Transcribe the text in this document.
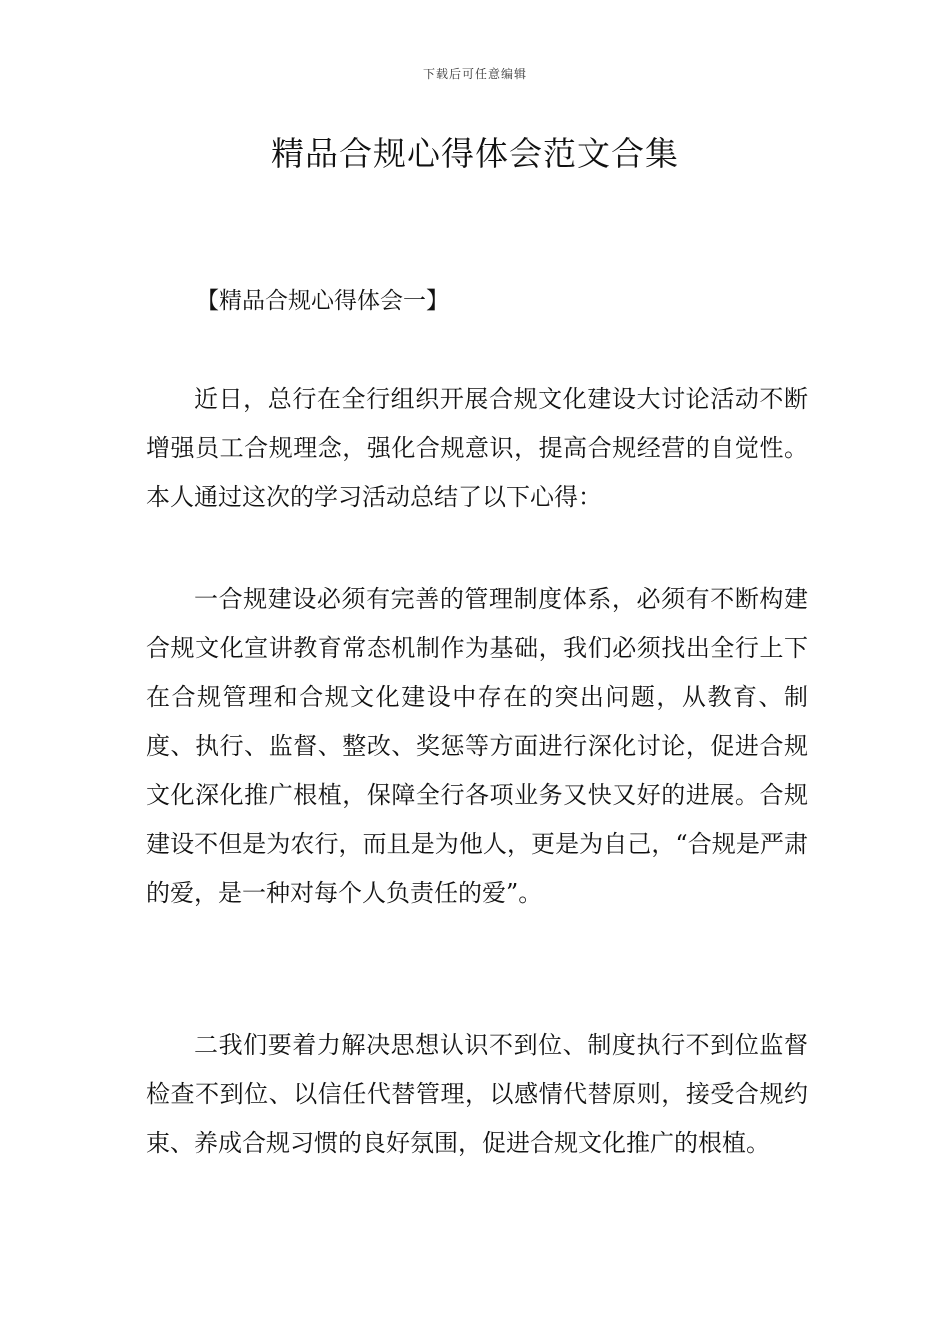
下载后可任意编辑
精品合规心得体会范文合集

【精品合规心得体会一】

近日，总行在全行组织开展合规文化建设大讨论活动不断增强员工合规理念，强化合规意识，提高合规经营的自觉性。本人通过这次的学习活动总结了以下心得：

一合规建设必须有完善的管理制度体系，必须有不断构建合规文化宣讲教育常态机制作为基础，我们必须找出全行上下在合规管理和合规文化建设中存在的突出问题，从教育、制度、执行、监督、整改、奖惩等方面进行深化讨论，促进合规文化深化推广根植，保障全行各项业务又快又好的进展。合规建设不但是为农行，而且是为他人，更是为自己，“合规是严肃的爱，是一种对每个人负责任的爱”。

二我们要着力解决思想认识不到位、制度执行不到位监督检查不到位、以信任代替管理，以感情代替原则，接受合规约束、养成合规习惯的良好氛围，促进合规文化推广的根植。
